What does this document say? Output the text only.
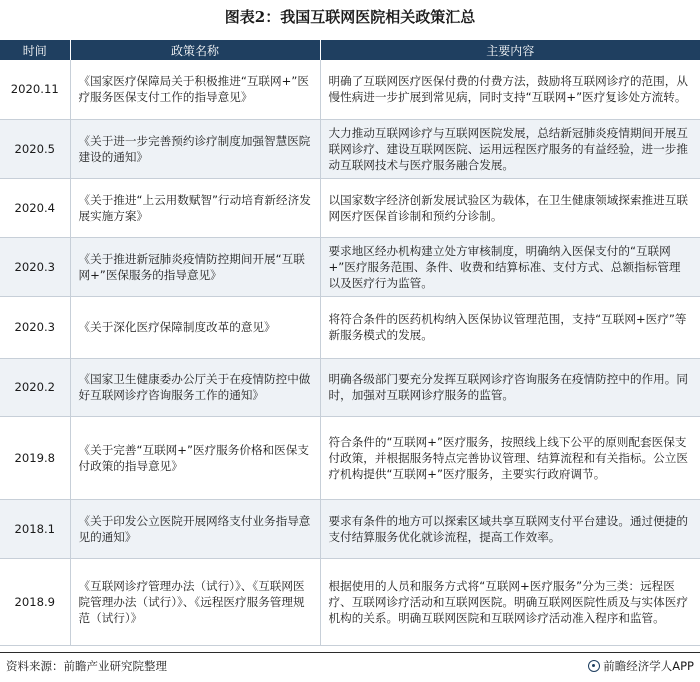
图表2：我国互联网医院相关政策汇总
时间	政策名称	主要内容
2020.11	《国家医疗保障局关于积极推进“互联网+”医疗服务医保支付工作的指导意见》	明确了互联网医疗医保付费的付费方法，鼓励将互联网诊疗的范围，从慢性病进一步扩展到常见病，同时支持“互联网+”医疗复诊处方流转。
2020.5	《关于进一步完善预约诊疗制度加强智慧医院建设的通知》	大力推动互联网诊疗与互联网医院发展，总结新冠肺炎疫情期间开展互联网诊疗、建设互联网医院、运用远程医疗服务的有益经验，进一步推动互联网技术与医疗服务融合发展。
2020.4	《关于推进“上云用数赋智”行动培育新经济发展实施方案》	以国家数字经济创新发展试验区为载体，在卫生健康领域探索推进互联网医疗医保首诊制和预约分诊制。
2020.3	《关于推进新冠肺炎疫情防控期间开展“互联网+”医保服务的指导意见》	要求地区经办机构建立处方审核制度，明确纳入医保支付的“互联网+”医疗服务范围、条件、收费和结算标准、支付方式、总额指标管理以及医疗行为监管。
2020.3	《关于深化医疗保障制度改革的意见》	将符合条件的医药机构纳入医保协议管理范围，支持“互联网+医疗”等新服务模式的发展。
2020.2	《国家卫生健康委办公厅关于在疫情防控中做好互联网诊疗咨询服务工作的通知》	明确各级部门要充分发挥互联网诊疗咨询服务在疫情防控中的作用。同时，加强对互联网诊疗服务的监管。
2019.8	《关于完善“互联网+”医疗服务价格和医保支付政策的指导意见》	符合条件的“互联网+”医疗服务，按照线上线下公平的原则配套医保支付政策，并根据服务特点完善协议管理、结算流程和有关指标。公立医疗机构提供“互联网+”医疗服务，主要实行政府调节。
2018.1	《关于印发公立医院开展网络支付业务指导意见的通知》	要求有条件的地方可以探索区域共享互联网支付平台建设。通过便捷的支付结算服务优化就诊流程，提高工作效率。
2018.9	《互联网诊疗管理办法（试行）》、《互联网医院管理办法（试行）》、《远程医疗服务管理规范（试行）》	根据使用的人员和服务方式将“互联网+医疗服务”分为三类：远程医疗、互联网诊疗活动和互联网医院。明确互联网医院性质及与实体医疗机构的关系。明确互联网医院和互联网诊疗活动准入程序和监管。
资料来源：前瞻产业研究院整理	前瞻经济学人APP
